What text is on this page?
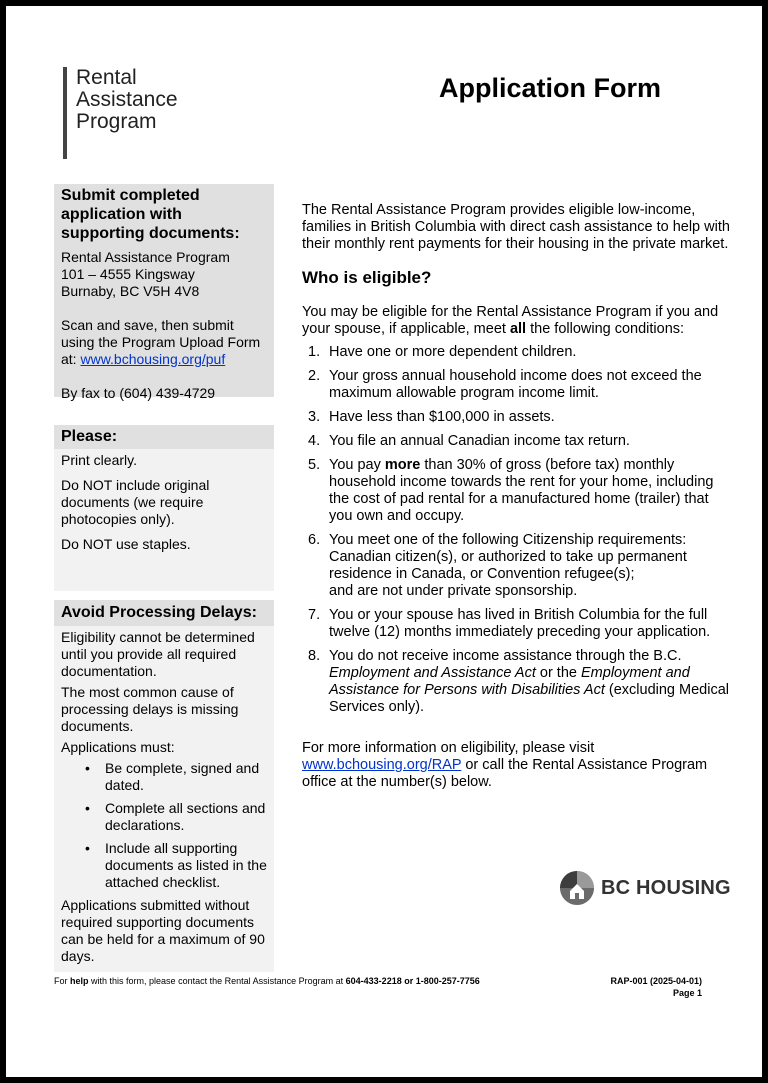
Rental
Assistance
Program
Application Form
Submit completed application with supporting documents:

Rental Assistance Program

101 – 4555 Kingsway

Burnaby, BC V5H 4V8

Scan and save, then submit using the Program Upload Form at: www.bchousing.org/puf

By fax to (604) 439-4729

Please:

Print clearly.

Do NOT include original documents (we require photocopies only).

Do NOT use staples.

Avoid Processing Delays:

Eligibility cannot be determined until you provide all required documentation.

The most common cause of processing delays is missing documents.

Applications must:

• Be complete, signed and dated.
• Complete all sections and declarations.
• Include all supporting documents as listed in the attached checklist.

Applications submitted without required supporting documents can be held for a maximum of 90 days.

The Rental Assistance Program provides eligible low-income, families in British Columbia with direct cash assistance to help with their monthly rent payments for their housing in the private market.

Who is eligible?

You may be eligible for the Rental Assistance Program if you and your spouse, if applicable, meet all the following conditions:

1. Have one or more dependent children.
2. Your gross annual household income does not exceed the maximum allowable program income limit.
3. Have less than $100,000 in assets.
4. You file an annual Canadian income tax return.
5. You pay more than 30% of gross (before tax) monthly household income towards the rent for your home, including the cost of pad rental for a manufactured home (trailer) that you own and occupy.
6. You meet one of the following Citizenship requirements: Canadian citizen(s), or authorized to take up permanent residence in Canada, or Convention refugee(s);
and are not under private sponsorship.
7. You or your spouse has lived in British Columbia for the full twelve (12) months immediately preceding your application.
8. You do not receive income assistance through the B.C. Employment and Assistance Act or the Employment and Assistance for Persons with Disabilities Act (excluding Medical Services only).

For more information on eligibility, please visit www.bchousing.org/RAP or call the Rental Assistance Program office at the number(s) below.

BC HOUSING
For help with this form, please contact the Rental Assistance Program at 604-433-2218 or 1-800-257-7756	RAP-001 (2025-04-01)
Page 1
